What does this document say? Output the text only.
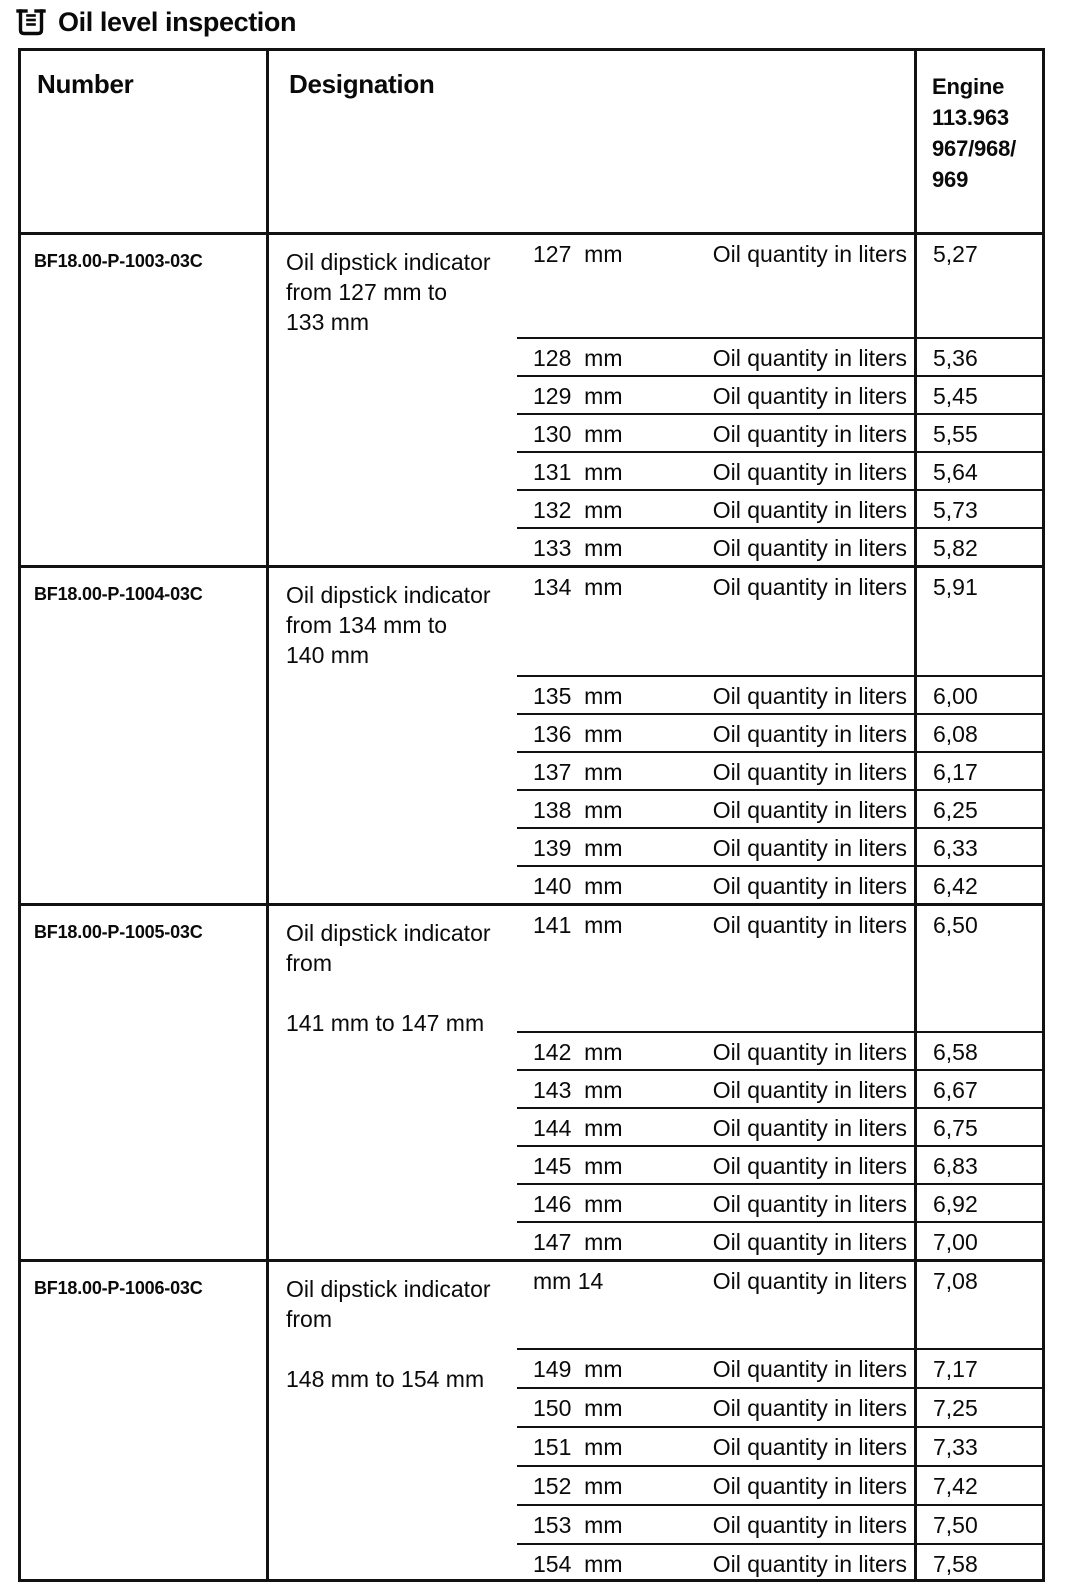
Oil level inspection
Number	Designation	Engine
113.963
967/968/
969
BF18.00-P-1003-03C	Oil dipstick indicator
from 127 mm to
133 mm
127  mm	Oil quantity in liters	5,27
128  mm	Oil quantity in liters	5,36
129  mm	Oil quantity in liters	5,45
130  mm	Oil quantity in liters	5,55
131  mm	Oil quantity in liters	5,64
132  mm	Oil quantity in liters	5,73
133  mm	Oil quantity in liters	5,82
BF18.00-P-1004-03C	Oil dipstick indicator
from 134 mm to
140 mm
134  mm	Oil quantity in liters	5,91
135  mm	Oil quantity in liters	6,00
136  mm	Oil quantity in liters	6,08
137  mm	Oil quantity in liters	6,17
138  mm	Oil quantity in liters	6,25
139  mm	Oil quantity in liters	6,33
140  mm	Oil quantity in liters	6,42
BF18.00-P-1005-03C	Oil dipstick indicator
from

141 mm to 147 mm
141  mm	Oil quantity in liters	6,50
142  mm	Oil quantity in liters	6,58
143  mm	Oil quantity in liters	6,67
144  mm	Oil quantity in liters	6,75
145  mm	Oil quantity in liters	6,83
146  mm	Oil quantity in liters	6,92
147  mm	Oil quantity in liters	7,00
BF18.00-P-1006-03C	Oil dipstick indicator
from

148 mm to 154 mm
mm 14	Oil quantity in liters	7,08
149  mm	Oil quantity in liters	7,17
150  mm	Oil quantity in liters	7,25
151  mm	Oil quantity in liters	7,33
152  mm	Oil quantity in liters	7,42
153  mm	Oil quantity in liters	7,50
154  mm	Oil quantity in liters	7,58
